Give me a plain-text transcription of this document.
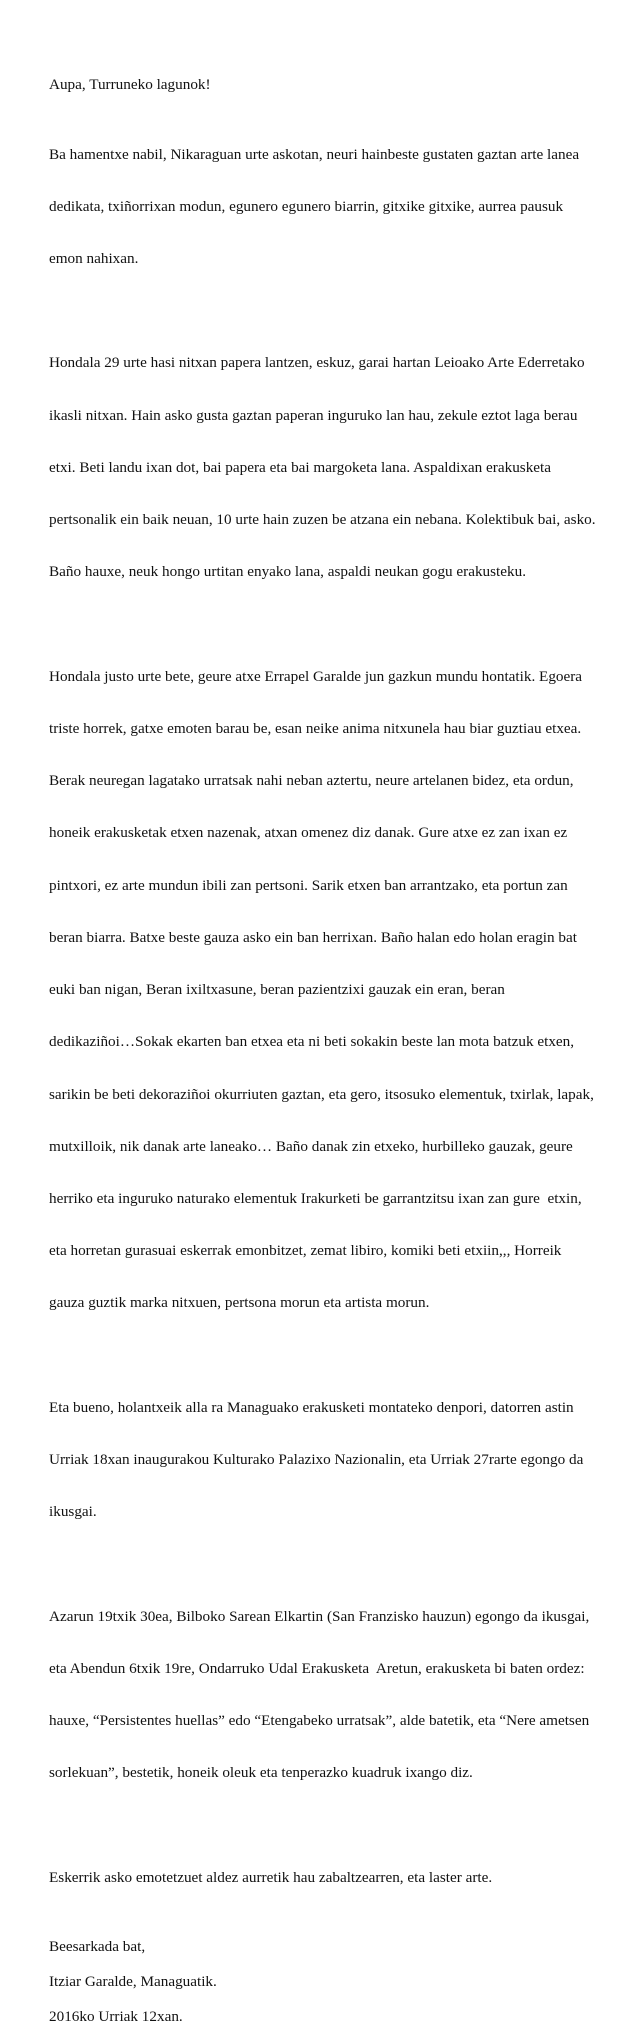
Aupa, Turruneko lagunok!

Ba hamentxe nabil, Nikaraguan urte askotan, neuri hainbeste gustaten gaztan arte lanea

dedikata, txiñorrixan modun, egunero egunero biarrin, gitxike gitxike, aurrea pausuk

emon nahixan.

Hondala 29 urte hasi nitxan papera lantzen, eskuz, garai hartan Leioako Arte Ederretako

ikasli nitxan. Hain asko gusta gaztan paperan inguruko lan hau, zekule eztot laga berau

etxi. Beti landu ixan dot, bai papera eta bai margoketa lana. Aspaldixan erakusketa

pertsonalik ein baik neuan, 10 urte hain zuzen be atzana ein nebana. Kolektibuk bai, asko.

Baño hauxe, neuk hongo urtitan enyako lana, aspaldi neukan gogu erakusteku.

Hondala justo urte bete, geure atxe Errapel Garalde jun gazkun mundu hontatik. Egoera

triste horrek, gatxe emoten barau be, esan neike anima nitxunela hau biar guztiau etxea.

Berak neuregan lagatako urratsak nahi neban aztertu, neure artelanen bidez, eta ordun,

honeik erakusketak etxen nazenak, atxan omenez diz danak. Gure atxe ez zan ixan ez

pintxori, ez arte mundun ibili zan pertsoni. Sarik etxen ban arrantzako, eta portun zan

beran biarra. Batxe beste gauza asko ein ban herrixan. Baño halan edo holan eragin bat

euki ban nigan, Beran ixiltxasune, beran pazientzixi gauzak ein eran, beran

dedikaziñoi…Sokak ekarten ban etxea eta ni beti sokakin beste lan mota batzuk etxen,

sarikin be beti dekoraziñoi okurriuten gaztan, eta gero, itsosuko elementuk, txirlak, lapak,

mutxilloik, nik danak arte laneako… Baño danak zin etxeko, hurbilleko gauzak, geure

herriko eta inguruko naturako elementuk Irakurketi be garrantzitsu ixan zan gure  etxin,

eta horretan gurasuai eskerrak emonbitzet, zemat libiro, komiki beti etxiin,,, Horreik

gauza guztik marka nitxuen, pertsona morun eta artista morun.

Eta bueno, holantxeik alla ra Managuako erakusketi montateko denpori, datorren astin

Urriak 18xan inaugurakou Kulturako Palazixo Nazionalin, eta Urriak 27rarte egongo da

ikusgai.

Azarun 19txik 30ea, Bilboko Sarean Elkartin (San Franzisko hauzun) egongo da ikusgai,

eta Abendun 6txik 19re, Ondarruko Udal Erakusketa  Aretun, erakusketa bi baten ordez:

hauxe, “Persistentes huellas” edo “Etengabeko urratsak”, alde batetik, eta “Nere ametsen

sorlekuan”, bestetik, honeik oleuk eta tenperazko kuadruk ixango diz.

Eskerrik asko emotetzuet aldez aurretik hau zabaltzearren, eta laster arte.

Beesarkada bat,

Itziar Garalde, Managuatik.

2016ko Urriak 12xan.
